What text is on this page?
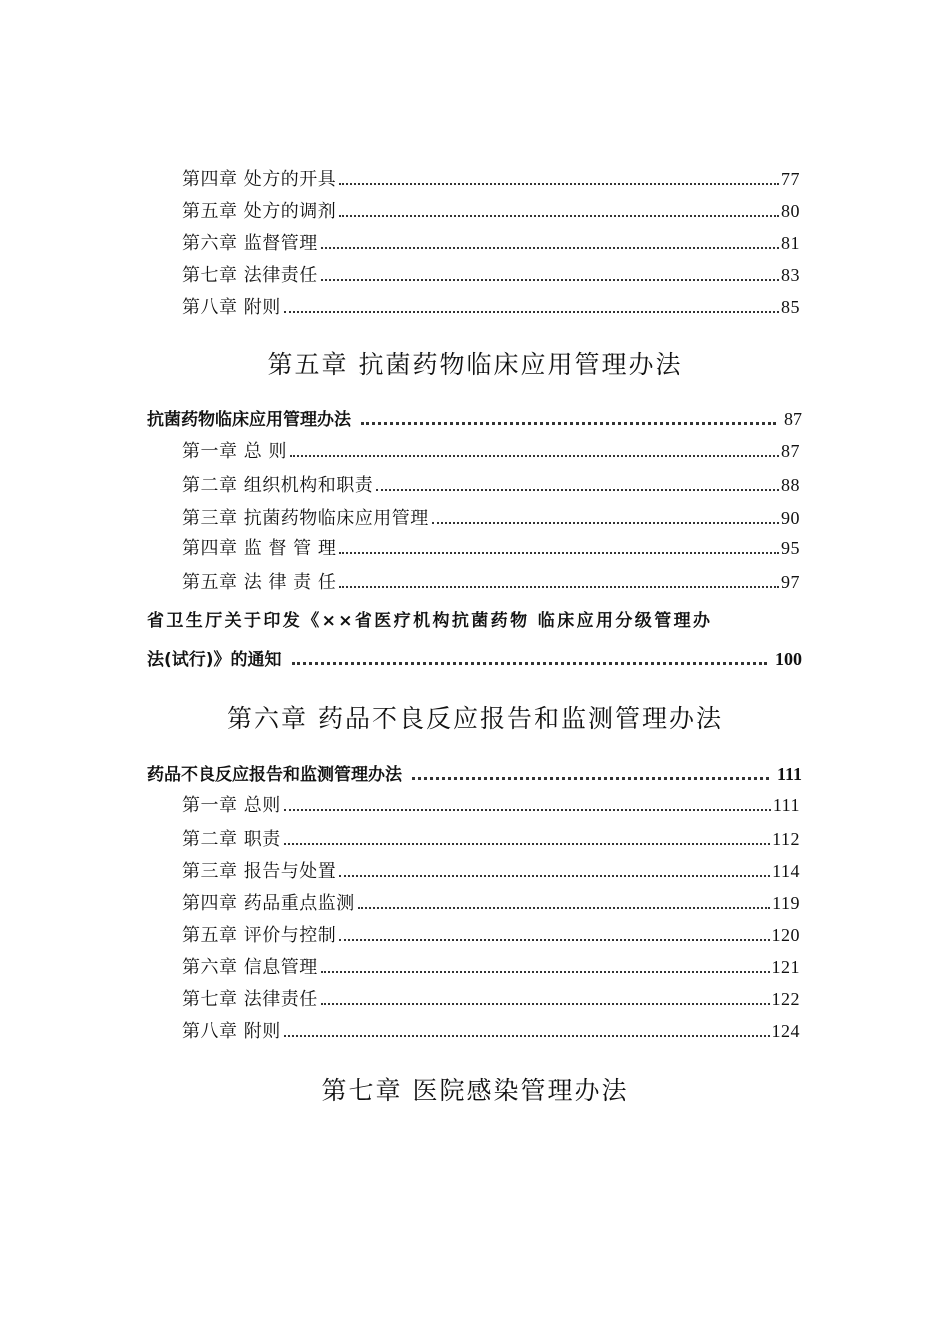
第四章 处方的开具	77
第五章 处方的调剂	80
第六章 监督管理	81
第七章 法律责任	83
第八章 附则	85
第五章 抗菌药物临床应用管理办法
抗菌药物临床应用管理办法	87
第一章 总 则	87
第二章 组织机构和职责	88
第三章 抗菌药物临床应用管理	90
第四章 监 督 管 理	95
第五章 法 律 责 任	97
省卫生厅关于印发《××省医疗机构抗菌药物 临床应用分级管理办
法(试行)》的通知	100
第六章 药品不良反应报告和监测管理办法
药品不良反应报告和监测管理办法	111
第一章 总则	111
第二章 职责	112
第三章 报告与处置	114
第四章 药品重点监测	119
第五章 评价与控制	120
第六章 信息管理	121
第七章 法律责任	122
第八章 附则	124
第七章 医院感染管理办法
